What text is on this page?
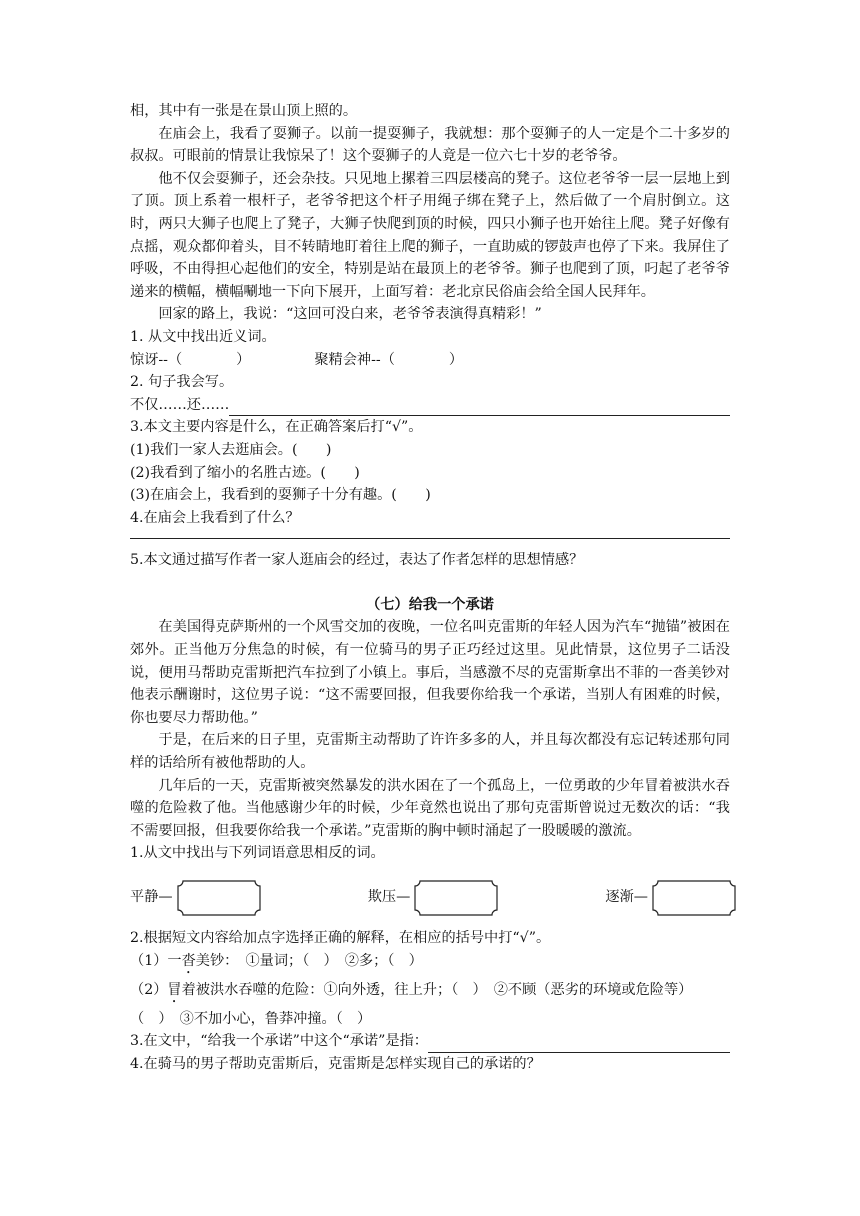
相，其中有一张是在景山顶上照的。

在庙会上，我看了耍狮子。以前一提耍狮子，我就想：那个耍狮子的人一定是个二十多岁的叔叔。可眼前的情景让我惊呆了！这个耍狮子的人竟是一位六七十岁的老爷爷。

他不仅会耍狮子，还会杂技。只见地上摞着三四层楼高的凳子。这位老爷爷一层一层地上到了顶。顶上系着一根杆子，老爷爷把这个杆子用绳子绑在凳子上，然后做了一个肩肘倒立。这时，两只大狮子也爬上了凳子，大狮子快爬到顶的时候，四只小狮子也开始往上爬。凳子好像有点摇，观众都仰着头，目不转睛地盯着往上爬的狮子，一直助威的锣鼓声也停了下来。我屏住了呼吸，不由得担心起他们的安全，特别是站在最顶上的老爷爷。狮子也爬到了顶，叼起了老爷爷递来的横幅，横幅唰地一下向下展开，上面写着：老北京民俗庙会给全国人民拜年。

回家的路上，我说：“这回可没白来，老爷爷表演得真精彩！”

1. 从文中找出近义词。

惊讶--（	）	聚精会神--（	）

2. 句子我会写。

不仅……还……

3.本文主要内容是什么，在正确答案后打“√”。

(1)我们一家人去逛庙会。(　　)

(2)我看到了缩小的名胜古迹。(　　)

(3)在庙会上，我看到的耍狮子十分有趣。(　　)

4.在庙会上我看到了什么？

5.本文通过描写作者一家人逛庙会的经过，表达了作者怎样的思想情感？

（七）给我一个承诺

在美国得克萨斯州的一个风雪交加的夜晚，一位名叫克雷斯的年轻人因为汽车“抛锚”被困在郊外。正当他万分焦急的时候，有一位骑马的男子正巧经过这里。见此情景，这位男子二话没说，便用马帮助克雷斯把汽车拉到了小镇上。事后，当感激不尽的克雷斯拿出不菲的一沓美钞对他表示酬谢时，这位男子说：“这不需要回报，但我要你给我一个承诺，当别人有困难的时候，你也要尽力帮助他。”

于是，在后来的日子里，克雷斯主动帮助了许许多多的人，并且每次都没有忘记转述那句同样的话给所有被他帮助的人。

几年后的一天，克雷斯被突然暴发的洪水困在了一个孤岛上，一位勇敢的少年冒着被洪水吞噬的危险救了他。当他感谢少年的时候，少年竟然也说出了那句克雷斯曾说过无数次的话：“我不需要回报，但我要你给我一个承诺。”克雷斯的胸中顿时涌起了一股暖暖的激流。

1.从文中找出与下列词语意思相反的词。

平静—	欺压—	逐渐—

2.根据短文内容给加点字选择正确的解释，在相应的括号中打“√”。

（1）一沓美钞：　①量词；（　）　②多；（　）

（2）冒着被洪水吞噬的危险：①向外透，往上升；（　）　②不顾（恶劣的环境或危险等）

（　）　③不加小心，鲁莽冲撞。（　）

3.在文中，“给我一个承诺”中这个“承诺”是指：

4.在骑马的男子帮助克雷斯后，克雷斯是怎样实现自己的承诺的？
